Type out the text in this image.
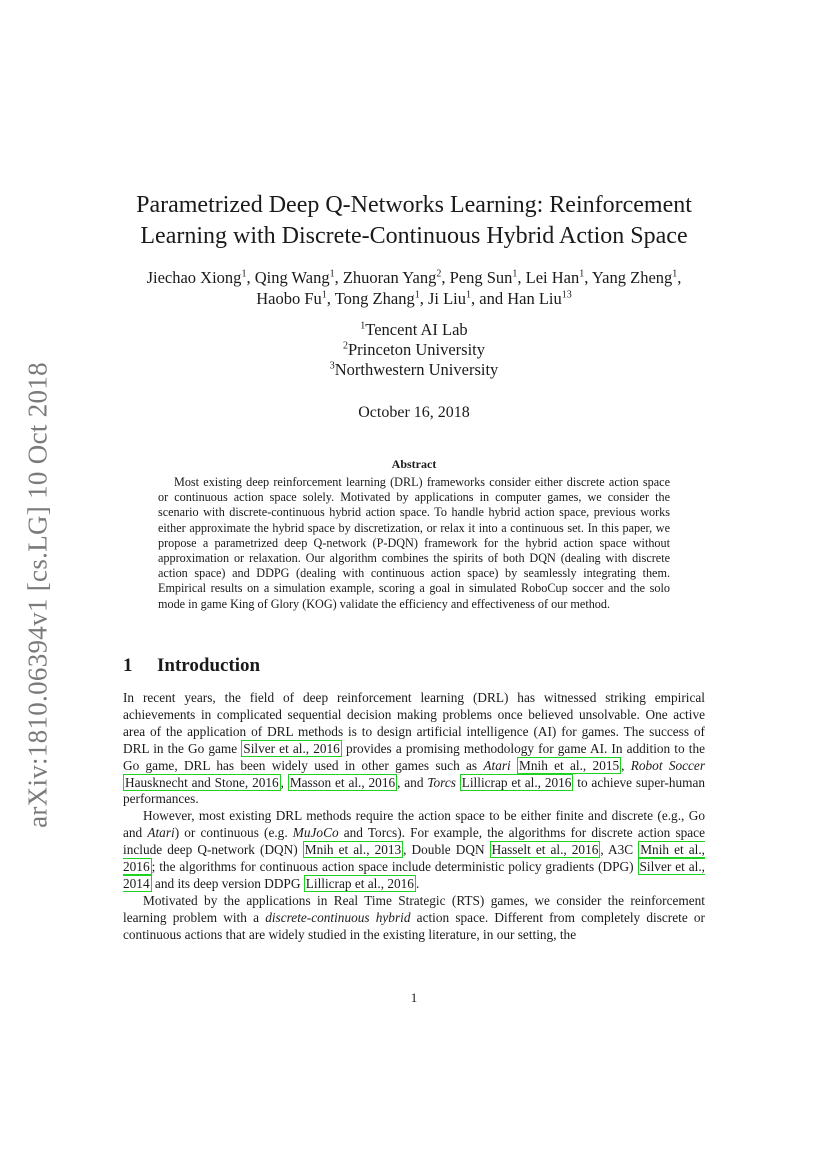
arXiv:1810.06394v1 [cs.LG] 10 Oct 2018
Parametrized Deep Q-Networks Learning: Reinforcement
Learning with Discrete-Continuous Hybrid Action Space
Jiechao Xiong$^1$, Qing Wang$^1$, Zhuoran Yang$^2$, Peng Sun$^1$, Lei Han$^1$, Yang Zheng$^1$,
Haobo Fu$^1$, Tong Zhang$^1$, Ji Liu$^1$, and Han Liu$^{13}$
$^1$Tencent AI Lab
$^2$Princeton University
$^3$Northwestern University
October 16, 2018
Abstract

Most existing deep reinforcement learning (DRL) frameworks consider either discrete action space or continuous action space solely. Motivated by applications in computer games, we consider the scenario with discrete-continuous hybrid action space. To handle hybrid action space, previous works either approximate the hybrid space by discretization, or relax it into a continuous set. In this paper, we propose a parametrized deep Q-network (P-DQN) framework for the hybrid action space without approximation or relaxation. Our algorithm combines the spirits of both DQN (dealing with discrete action space) and DDPG (dealing with continuous action space) by seamlessly integrating them. Empirical results on a simulation example, scoring a goal in simulated RoboCup soccer and the solo mode in game King of Glory (KOG) validate the efficiency and effectiveness of our method.

1 Introduction

In recent years, the field of deep reinforcement learning (DRL) has witnessed striking empirical achievements in complicated sequential decision making problems once believed unsolvable. One active area of the application of DRL methods is to design artificial intelligence (AI) for games. The success of DRL in the Go game Silver et al., 2016 provides a promising methodology for game AI. In addition to the Go game, DRL has been widely used in other games such as Atari Mnih et al., 2015 , Robot Soccer Hausknecht and Stone, 2016 , Masson et al., 2016 , and Torcs Lillicrap et al., 2016 to achieve super-human performances.

However, most existing DRL methods require the action space to be either finite and discrete (e.g., Go and Atari) or continuous (e.g. MuJoCo and Torcs). For example, the algorithms for discrete action space include deep Q-network (DQN) Mnih et al., 2013 , Double DQN Hasselt et al., 2016 , A3C Mnih et al., 2016 ; the algorithms for continuous action space include deterministic policy gradients (DPG) Silver et al., 2014 and its deep version DDPG Lillicrap et al., 2016 .

Motivated by the applications in Real Time Strategic (RTS) games, we consider the reinforcement learning problem with a discrete-continuous hybrid action space. Different from completely discrete or continuous actions that are widely studied in the existing literature, in our setting, the

1
